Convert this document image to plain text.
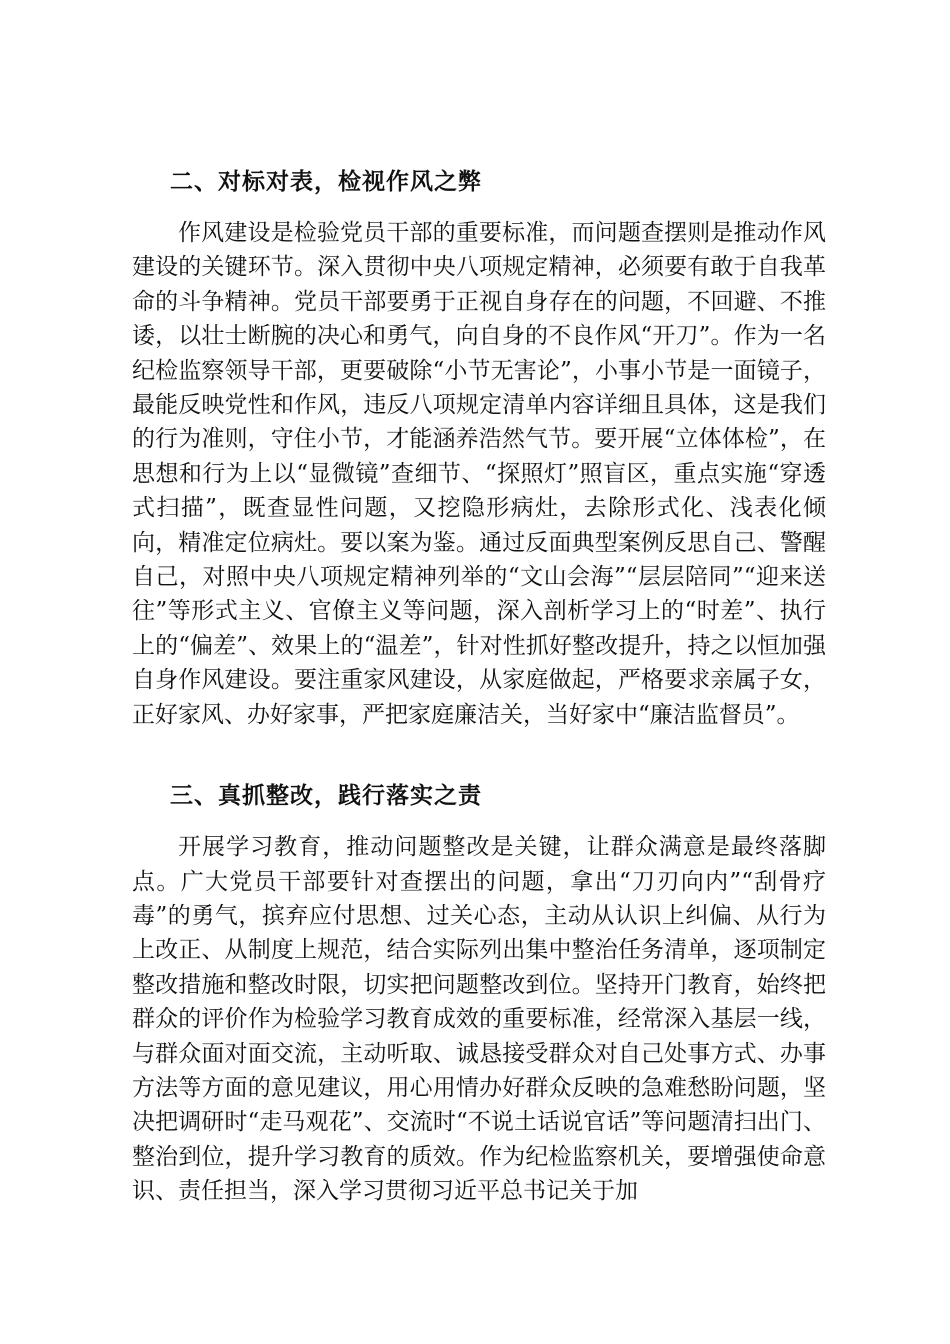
二、对标对表，检视作风之弊

作风建设是检验党员干部的重要标准，而问题查摆则是推动作风建设的关键环节。深入贯彻中央八项规定精神，必须要有敢于自我革命的斗争精神。党员干部要勇于正视自身存在的问题，不回避、不推诿，以壮士断腕的决心和勇气，向自身的不良作风“开刀”。作为一名纪检监察领导干部，更要破除“小节无害论”，小事小节是一面镜子，最能反映党性和作风，违反八项规定清单内容详细且具体，这是我们的行为准则，守住小节，才能涵养浩然气节。要开展“立体体检”，在思想和行为上以“显微镜”查细节、“探照灯”照盲区，重点实施“穿透式扫描”，既查显性问题，又挖隐形病灶，去除形式化、浅表化倾向，精准定位病灶。要以案为鉴。通过反面典型案例反思自己、警醒自己，对照中央八项规定精神列举的“文山会海”“层层陪同”“迎来送往”等形式主义、官僚主义等问题，深入剖析学习上的“时差”、执行上的“偏差”、效果上的“温差”，针对性抓好整改提升，持之以恒加强自身作风建设。要注重家风建设，从家庭做起，严格要求亲属子女，正好家风、办好家事，严把家庭廉洁关，当好家中“廉洁监督员”。

三、真抓整改，践行落实之责

开展学习教育，推动问题整改是关键，让群众满意是最终落脚点。广大党员干部要针对查摆出的问题，拿出“刀刃向内”“刮骨疗毒”的勇气，摈弃应付思想、过关心态，主动从认识上纠偏、从行为上改正、从制度上规范，结合实际列出集中整治任务清单，逐项制定整改措施和整改时限，切实把问题整改到位。坚持开门教育，始终把群众的评价作为检验学习教育成效的重要标准，经常深入基层一线，与群众面对面交流，主动听取、诚恳接受群众对自己处事方式、办事方法等方面的意见建议，用心用情办好群众反映的急难愁盼问题，坚决把调研时“走马观花”、交流时“不说土话说官话”等问题清扫出门、整治到位，提升学习教育的质效。作为纪检监察机关，要增强使命意识、责任担当，深入学习贯彻习近平总书记关于加
